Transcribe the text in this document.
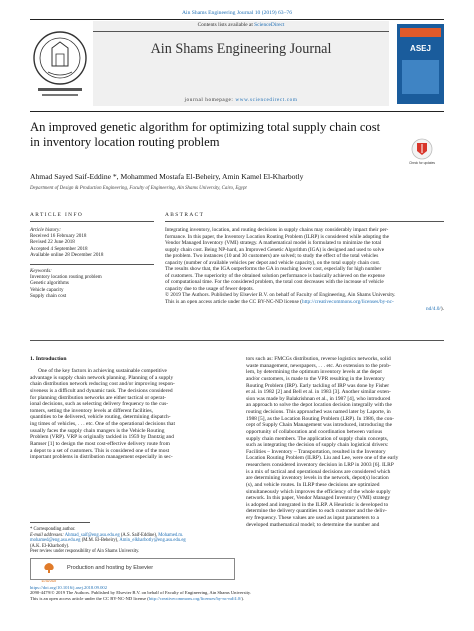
Ain Shams Engineering Journal 10 (2019) 63–76
Contents lists available at ScienceDirect
Ain Shams Engineering Journal
journal homepage: www.sciencedirect.com
ASEJ
An improved genetic algorithm for optimizing total supply chain cost
in inventory location routing problem
Check for updates
Ahmad Sayed Saif-Eddine *, Mohammed Mostafa El-Beheiry, Amin Kamel El-Kharbotly
Department of Design & Production Engineering, Faculty of Engineering, Ain Shams University, Cairo, Egypt
ARTICLE INFO	ABSTRACT
Article history:
Received 16 February 2018
Revised 22 June 2018
Accepted 4 September 2018
Available online 28 December 2018
Keywords:
Inventory location routing problem
Genetic algorithms
Vehicle capacity
Supply chain cost
Integrating inventory, location, and routing decisions in supply chains may considerably impact their per-
formance. In this paper, the Inventory Location Routing Problem (ILRP) is considered while adopting the
Vendor Managed Inventory (VMI) strategy. A mathematical model is formulated to minimize the total
supply chain cost. Being NP-hard, an Improved Genetic Algorithm (IGA) is designed and used to solve
the problem. Two instances (10 and 30 customers) are solved; to study the effect of the total vehicles
capacity (number of available vehicles per depot and vehicle capacity), on the total supply chain cost.
The results show that, the IGA outperforms the GA in reaching lower cost, especially for high number
of customers. The superiority of the obtained solution performance is basically achieved on the expense
of computational time. For the considered problem, the total cost decreases with the increase of vehicle
capacity due to the usage of fewer depots.
© 2019 The Authors. Published by Elsevier B.V. on behalf of Faculty of Engineering, Ain Shams University.
This is an open access article under the CC BY-NC-ND license (http://creativecommons.org/licenses/by-nc-
nd/4.0/).
1. Introduction
One of the key factors in achieving sustainable competitive
advantage is supply chain network planning. Planning of a supply
chain distribution network reducing cost and/or improving respon-
siveness is a difficult and dynamic task. The decisions considered
for planning distribution networks are either tactical or operat-
ional decisions, such as selecting delivery frequency to the cus-
tomers, setting the inventory levels at different facilities,
quantities to be delivered, vehicle routing, determining dispatch-
ing times of vehicles, . . . etc. One of the operational decisions that
usually faces the supply chain mangers is the Vehicle Routing
Problem (VRP). VRP is originally tackled in 1959 by Dantzig and
Ramser [1] to design the most cost-effective delivery route from
a depot to a set of customers. This is considered one of the most
important problems in distribution management especially in sec-
* Corresponding author.
E-mail addresses: Ahmad_saif@eng.asu.edu.eg (A.S. Saif-Eddine), Mohamed.m.
mohamed@eng.asu.edu.eg (M.M. El-Beheiry), Amin_elkharbotly@eng.asu.edu.eg
(A.K. El-Kharbotly).
Peer review under responsibility of Ain Shams University.
ELSEVIER
Production and hosting by Elsevier
tors such as: FMCGs distribution, reverse logistics networks, solid
waste management, newspapers, . . . etc. An extension to the prob-
lem, by determining the optimum inventory levels at the depot
and/or customers, is made to the VPR resulting in the Inventory
Routing Problem (IRP). Early tackling of IRP was done by Fisher
et al. in 1982 [2] and Bell et al. in 1983 [3]. Another similar exten-
sion was made by Balakrishnan et al., in 1987 [4], who introduced
an approach to solve the depot location decision integrally with the
routing decisions. This approached was named later by Laporte, in
1988 [5], as the Location Routing Problem (LRP). In 1986, the con-
cept of Supply Chain Management was introduced, introducing the
opportunity of collaboration and coordination between various
supply chain members. The application of supply chain concepts,
such as integrating the decision of supply chain logistical drivers:
Facilities – Inventory – Transportation, resulted in the Inventory
Location Routing Problem (ILRP). Liu and Lee, were one of the early
researchers considered inventory decision in LRP in 2003 [6]. ILRP
is a mix of tactical and operational decisions are considered which
are determining inventory levels in the network, depot(s) location
(s), and vehicle routes. In ILRP these decisions are optimized
simultaneously which improves the efficiency of the whole supply
network. In this paper, Vendor Managed Inventory (VMI) strategy
is adopted and integrated in the ILRP. A Heuristic is developed to
determine the delivery quantities to each customer and the deliv-
ery frequency. These values are used as input parameters to a
developed mathematical model; to determine the number and
https://doi.org/10.1016/j.asej.2018.09.002
2090-4479/© 2019 The Authors. Published by Elsevier B.V. on behalf of Faculty of Engineering, Ain Shams University.
This is an open access article under the CC BY-NC-ND license (http://creativecommons.org/licenses/by-nc-nd/4.0/).
